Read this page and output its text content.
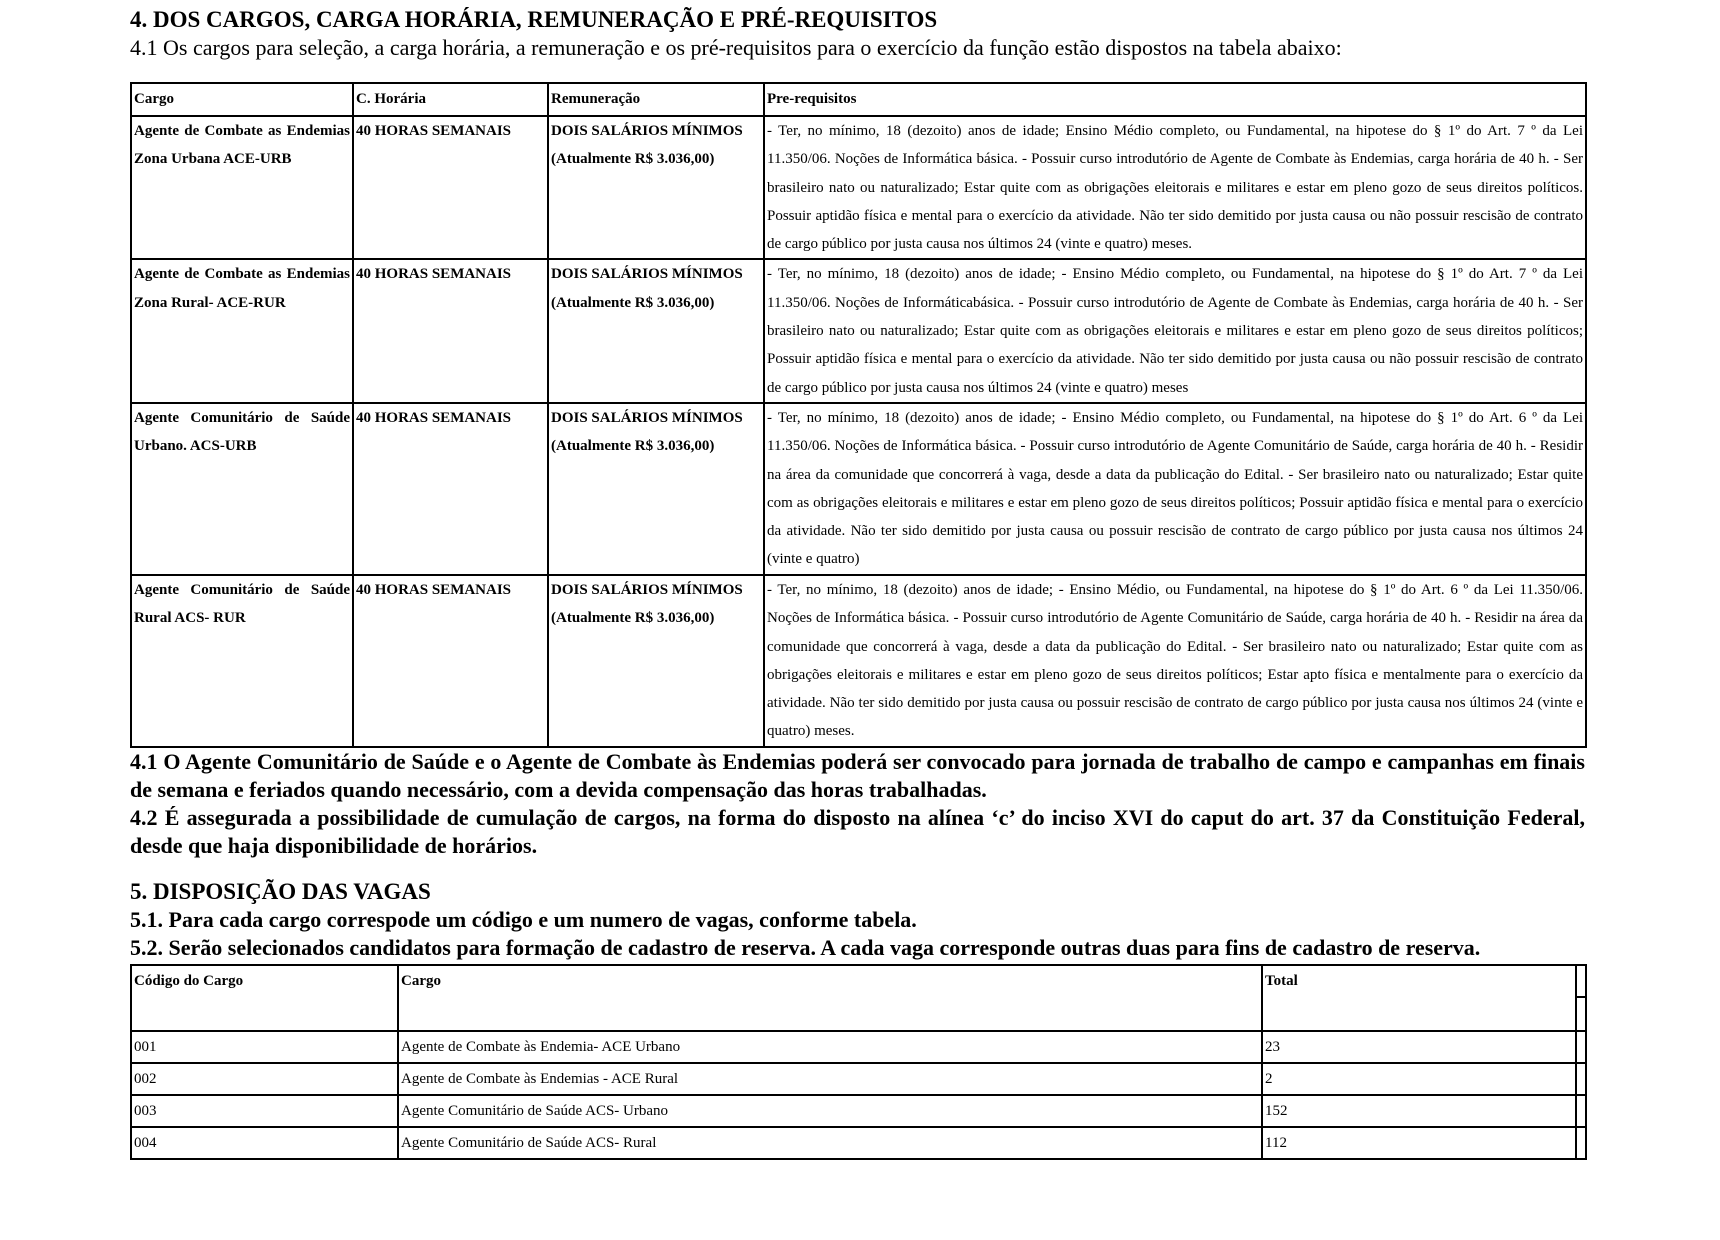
4. DOS CARGOS, CARGA HORÁRIA, REMUNERAÇÃO E PRÉ-REQUISITOS

4.1 Os cargos para seleção, a carga horária, a remuneração e os pré-requisitos para o exercício da função estão dispostos na tabela abaixo:

Cargo	C. Horária	Remuneração	Pre-requisitos
Agente de Combate as Endemias Zona Urbana ACE-URB	40 HORAS SEMANAIS	DOIS SALÁRIOS MÍNIMOS (Atualmente R$ 3.036,00)	- Ter, no mínimo, 18 (dezoito) anos de idade; Ensino Médio completo, ou Fundamental, na hipotese do § 1º do Art. 7 º da Lei 11.350/06. Noções de Informática básica. - Possuir curso introdutório de Agente de Combate às Endemias, carga horária de 40 h. - Ser brasileiro nato ou naturalizado; Estar quite com as obrigações eleitorais e militares e estar em pleno gozo de seus direitos políticos. Possuir aptidão física e mental para o exercício da atividade. Não ter sido demitido por justa causa ou não possuir rescisão de contrato de cargo público por justa causa nos últimos 24 (vinte e quatro) meses.
Agente de Combate as Endemias Zona Rural- ACE-RUR	40 HORAS SEMANAIS	DOIS SALÁRIOS MÍNIMOS (Atualmente R$ 3.036,00)	- Ter, no mínimo, 18 (dezoito) anos de idade; - Ensino Médio completo, ou Fundamental, na hipotese do § 1º do Art. 7 º da Lei 11.350/06. Noções de Informáticabásica. - Possuir curso introdutório de Agente de Combate às Endemias, carga horária de 40 h. - Ser brasileiro nato ou naturalizado; Estar quite com as obrigações eleitorais e militares e estar em pleno gozo de seus direitos políticos; Possuir aptidão física e mental para o exercício da atividade. Não ter sido demitido por justa causa ou não possuir rescisão de contrato de cargo público por justa causa nos últimos 24 (vinte e quatro) meses
Agente Comunitário de Saúde Urbano. ACS-URB	40 HORAS SEMANAIS	DOIS SALÁRIOS MÍNIMOS (Atualmente R$ 3.036,00)	- Ter, no mínimo, 18 (dezoito) anos de idade; - Ensino Médio completo, ou Fundamental, na hipotese do § 1º do Art. 6 º da Lei 11.350/06. Noções de Informática básica. - Possuir curso introdutório de Agente Comunitário de Saúde, carga horária de 40 h. - Residir na área da comunidade que concorrerá à vaga, desde a data da publicação do Edital. - Ser brasileiro nato ou naturalizado; Estar quite com as obrigações eleitorais e militares e estar em pleno gozo de seus direitos políticos; Possuir aptidão física e mental para o exercício da atividade. Não ter sido demitido por justa causa ou possuir rescisão de contrato de cargo público por justa causa nos últimos 24 (vinte e quatro)
Agente Comunitário de Saúde Rural ACS- RUR	40 HORAS SEMANAIS	DOIS SALÁRIOS MÍNIMOS (Atualmente R$ 3.036,00)	- Ter, no mínimo, 18 (dezoito) anos de idade; - Ensino Médio, ou Fundamental, na hipotese do § 1º do Art. 6 º da Lei 11.350/06. Noções de Informática básica. - Possuir curso introdutório de Agente Comunitário de Saúde, carga horária de 40 h. - Residir na área da comunidade que concorrerá à vaga, desde a data da publicação do Edital. - Ser brasileiro nato ou naturalizado; Estar quite com as obrigações eleitorais e militares e estar em pleno gozo de seus direitos políticos; Estar apto física e mentalmente para o exercício da atividade. Não ter sido demitido por justa causa ou possuir rescisão de contrato de cargo público por justa causa nos últimos 24 (vinte e quatro) meses.

4.1 O Agente Comunitário de Saúde e o Agente de Combate às Endemias poderá ser convocado para jornada de trabalho de campo e campanhas em finais de semana e feriados quando necessário, com a devida compensação das horas trabalhadas.

4.2 É assegurada a possibilidade de cumulação de cargos, na forma do disposto na alínea ‘c’ do inciso XVI do caput do art. 37 da Constituição Federal, desde que haja disponibilidade de horários.

5. DISPOSIÇÃO DAS VAGAS

5.1. Para cada cargo correspode um código e um numero de vagas, conforme tabela.

5.2. Serão selecionados candidatos para formação de cadastro de reserva. A cada vaga corresponde outras duas para fins de cadastro de reserva.

Código do Cargo	Cargo	Total	

001	Agente de Combate às Endemia- ACE Urbano	23	
002	Agente de Combate às Endemias - ACE Rural	2	
003	Agente Comunitário de Saúde ACS- Urbano	152	
004	Agente Comunitário de Saúde ACS- Rural	112	
